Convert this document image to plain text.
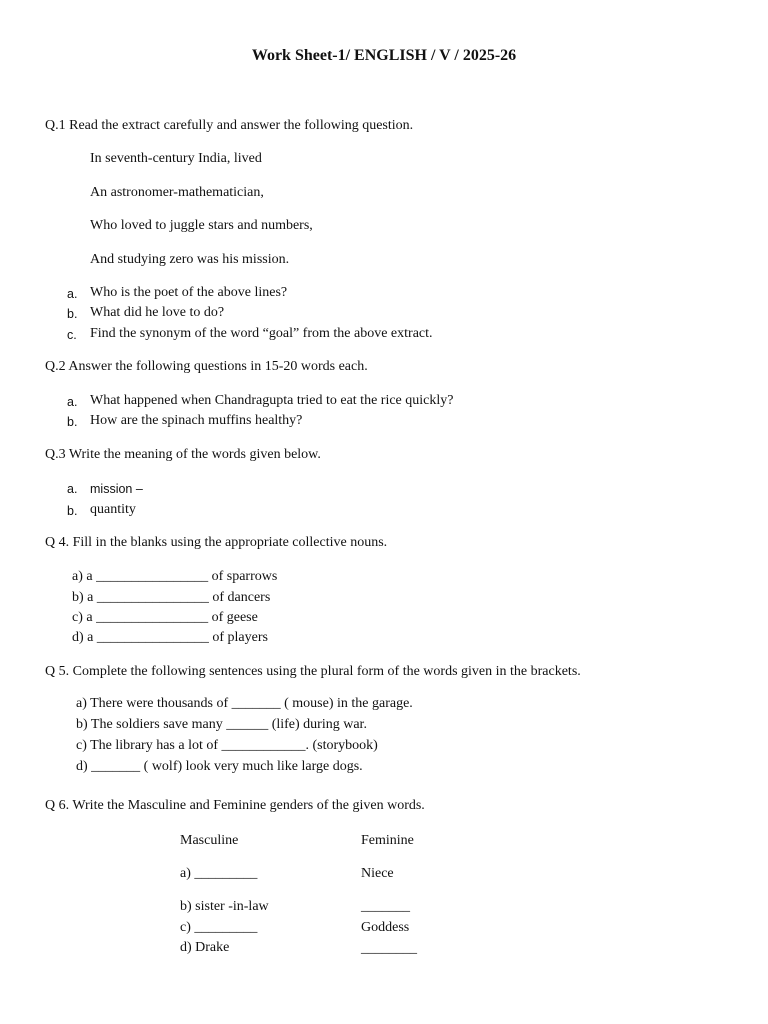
Work Sheet-1/ ENGLISH / V / 2025-26
Q.1 Read the extract carefully and answer the following question.
In seventh-century India, lived
An astronomer-mathematician,
Who loved to juggle stars and numbers,
And studying zero was his mission.
a. Who is the poet of the above lines?
b. What did he love to do?
c. Find the synonym of the word “goal” from the above extract.
Q.2 Answer the following questions in 15-20 words each.
a. What happened when Chandragupta tried to eat the rice quickly?
b. How are the spinach muffins healthy?
Q.3 Write the meaning of the words given below.
a. mission –
b. quantity
Q 4. Fill in the blanks using the appropriate collective nouns.
a) a ________________ of sparrows
b) a ________________ of dancers
c) a ________________ of geese
d) a ________________ of players
Q 5. Complete the following sentences using the plural form of the words given in the brackets.
a) There were thousands of _______ ( mouse) in the garage.
b) The soldiers save many ______ (life) during war.
c) The library has a lot of ____________. (storybook)
d) _______ ( wolf) look very much like large dogs.
Q 6. Write the Masculine and Feminine genders of the given words.
Masculine	Feminine
a) _________	Niece
b) sister -in-law	_______
c) _________	Goddess
d) Drake	________
